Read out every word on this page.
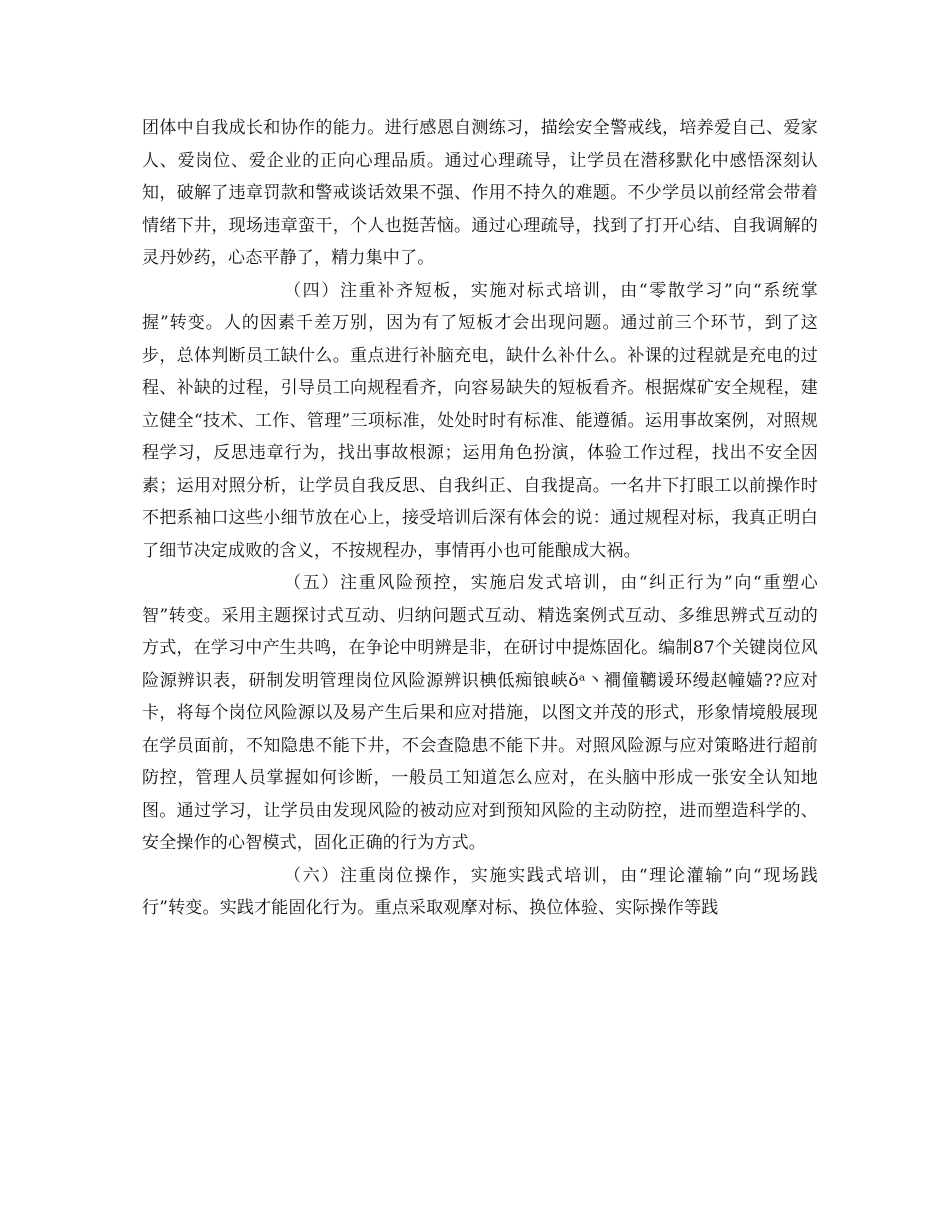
团体中自我成长和协作的能力。进行感恩自测练习，描绘安全警戒线，培养爱自己、爱家人、爱岗位、爱企业的正向心理品质。通过心理疏导，让学员在潜移默化中感悟深刻认知，破解了违章罚款和警戒谈话效果不强、作用不持久的难题。不少学员以前经常会带着情绪下井，现场违章蛮干，个人也挺苦恼。通过心理疏导，找到了打开心结、自我调解的灵丹妙药，心态平静了，精力集中了。

（四）注重补齐短板，实施对标式培训，由“零散学习”向“系统掌握”转变。人的因素千差万别，因为有了短板才会出现问题。通过前三个环节，到了这步，总体判断员工缺什么。重点进行补脑充电，缺什么补什么。补课的过程就是充电的过程、补缺的过程，引导员工向规程看齐，向容易缺失的短板看齐。根据煤矿安全规程，建立健全“技术、工作、管理”三项标准，处处时时有标准、能遵循。运用事故案例，对照规程学习，反思违章行为，找出事故根源；运用角色扮演，体验工作过程，找出不安全因素；运用对照分析，让学员自我反思、自我纠正、自我提高。一名井下打眼工以前操作时不把系袖口这些小细节放在心上，接受培训后深有体会的说：通过规程对标，我真正明白了细节决定成败的含义，不按规程办，事情再小也可能酿成大祸。

（五）注重风险预控，实施启发式培训，由“纠正行为”向“重塑心智”转变。采用主题探讨式互动、归纳问题式互动、精选案例式互动、多维思辨式互动的方式，在学习中产生共鸣，在争论中明辨是非，在研讨中提炼固化。编制87个关键岗位风险源辨识表，研制发明管理岗位风险源辨识椣低痴锒峡ǒᵃ丶襇僮韀谖环缦赵幢嫱??应对卡，将每个岗位风险源以及易产生后果和应对措施，以图文并茂的形式，形象情境般展现在学员面前，不知隐患不能下井，不会查隐患不能下井。对照风险源与应对策略进行超前防控，管理人员掌握如何诊断，一般员工知道怎么应对，在头脑中形成一张安全认知地图。通过学习，让学员由发现风险的被动应对到预知风险的主动防控，进而塑造科学的、安全操作的心智模式，固化正确的行为方式。

（六）注重岗位操作，实施实践式培训，由“理论灌输”向“现场践行”转变。实践才能固化行为。重点采取观摩对标、换位体验、实际操作等践
